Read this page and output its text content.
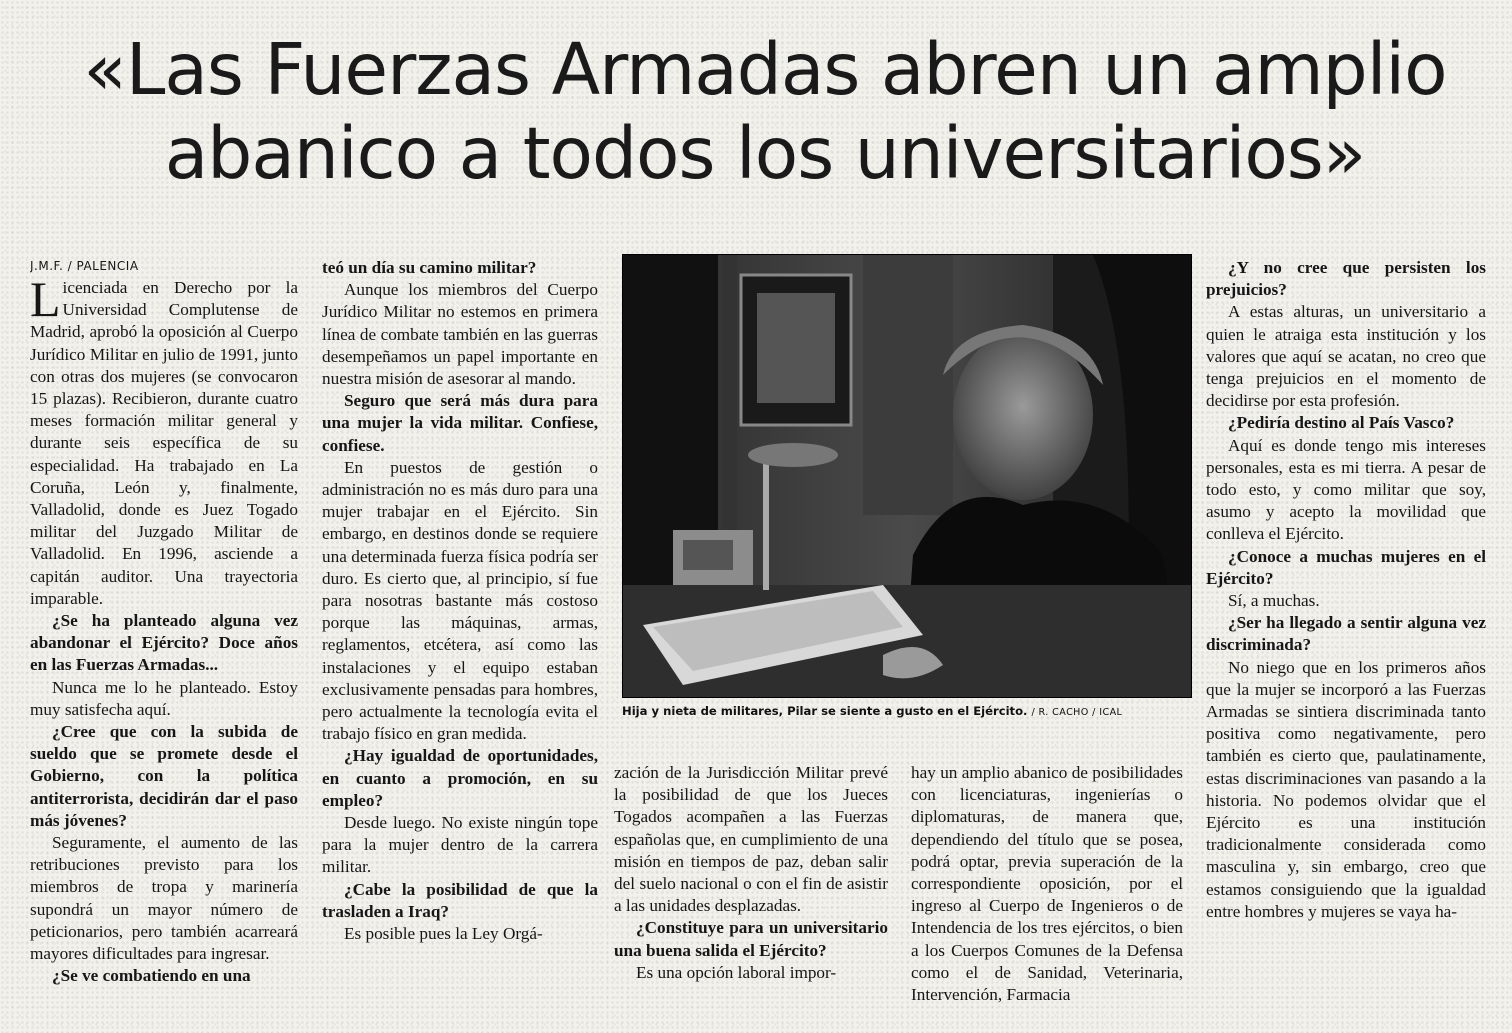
«Las Fuerzas Armadas abren un amplio
abanico a todos los universitarios»
J.M.F. / PALENCIA

Licenciada en Derecho por la Universidad Complutense de Madrid, aprobó la oposición al Cuerpo Jurídico Militar en julio de 1991, junto con otras dos mujeres (se convocaron 15 plazas). Recibieron, durante cuatro meses formación militar general y durante seis específica de su especialidad. Ha trabajado en La Coruña, León y, finalmente, Valladolid, donde es Juez Togado militar del Juzgado Militar de Valladolid. En 1996, asciende a capitán auditor. Una trayectoria imparable.

¿Se ha planteado alguna vez abandonar el Ejército? Doce años en las Fuerzas Armadas...

Nunca me lo he planteado. Estoy muy satisfecha aquí.

¿Cree que con la subida de sueldo que se promete desde el Gobierno, con la política antiterrorista, decidirán dar el paso más jóvenes?

Seguramente, el aumento de las retribuciones previsto para los miembros de tropa y marinería supondrá un mayor número de peticionarios, pero también acarreará mayores dificultades para ingresar.

¿Se ve combatiendo en una

teó un día su camino militar?

Aunque los miembros del Cuerpo Jurídico Militar no estemos en primera línea de combate también en las guerras desempeñamos un papel importante en nuestra misión de asesorar al mando.

Seguro que será más dura para una mujer la vida militar. Confiese, confiese.

En puestos de gestión o administración no es más duro para una mujer trabajar en el Ejército. Sin embargo, en destinos donde se requiere una determinada fuerza física podría ser duro. Es cierto que, al principio, sí fue para nosotras bastante más costoso porque las máquinas, armas, reglamentos, etcétera, así como las instalaciones y el equipo estaban exclusivamente pensadas para hombres, pero actualmente la tecnología evita el trabajo físico en gran medida.

¿Hay igualdad de oportunidades, en cuanto a promoción, en su empleo?

Desde luego. No existe ningún tope para la mujer dentro de la carrera militar.

¿Cabe la posibilidad de que la trasladen a Iraq?

Es posible pues la Ley Orgá-

Hija y nieta de militares, Pilar se siente a gusto en el Ejército. / R. CACHO / ICAL

zación de la Jurisdicción Militar prevé la posibilidad de que los Jueces Togados acompañen a las Fuerzas españolas que, en cumplimiento de una misión en tiempos de paz, deban salir del suelo nacional o con el fin de asistir a las unidades desplazadas.

¿Constituye para un universitario una buena salida el Ejército?

Es una opción laboral impor-

hay un amplio abanico de posibilidades con licenciaturas, ingenierías o diplomaturas, de manera que, dependiendo del título que se posea, podrá optar, previa superación de la correspondiente oposición, por el ingreso al Cuerpo de Ingenieros o de Intendencia de los tres ejércitos, o bien a los Cuerpos Comunes de la Defensa como el de Sanidad, Veterinaria, Intervención, Farmacia

¿Y no cree que persisten los prejuicios?

A estas alturas, un universitario a quien le atraiga esta institución y los valores que aquí se acatan, no creo que tenga prejuicios en el momento de decidirse por esta profesión.

¿Pediría destino al País Vasco?

Aquí es donde tengo mis intereses personales, esta es mi tierra. A pesar de todo esto, y como militar que soy, asumo y acepto la movilidad que conlleva el Ejército.

¿Conoce a muchas mujeres en el Ejército?

Sí, a muchas.

¿Ser ha llegado a sentir alguna vez discriminada?

No niego que en los primeros años que la mujer se incorporó a las Fuerzas Armadas se sintiera discriminada tanto positiva como negativamente, pero también es cierto que, paulatinamente, estas discriminaciones van pasando a la historia. No podemos olvidar que el Ejército es una institución tradicionalmente considerada como masculina y, sin embargo, creo que estamos consiguiendo que la igualdad entre hombres y mujeres se vaya ha-
